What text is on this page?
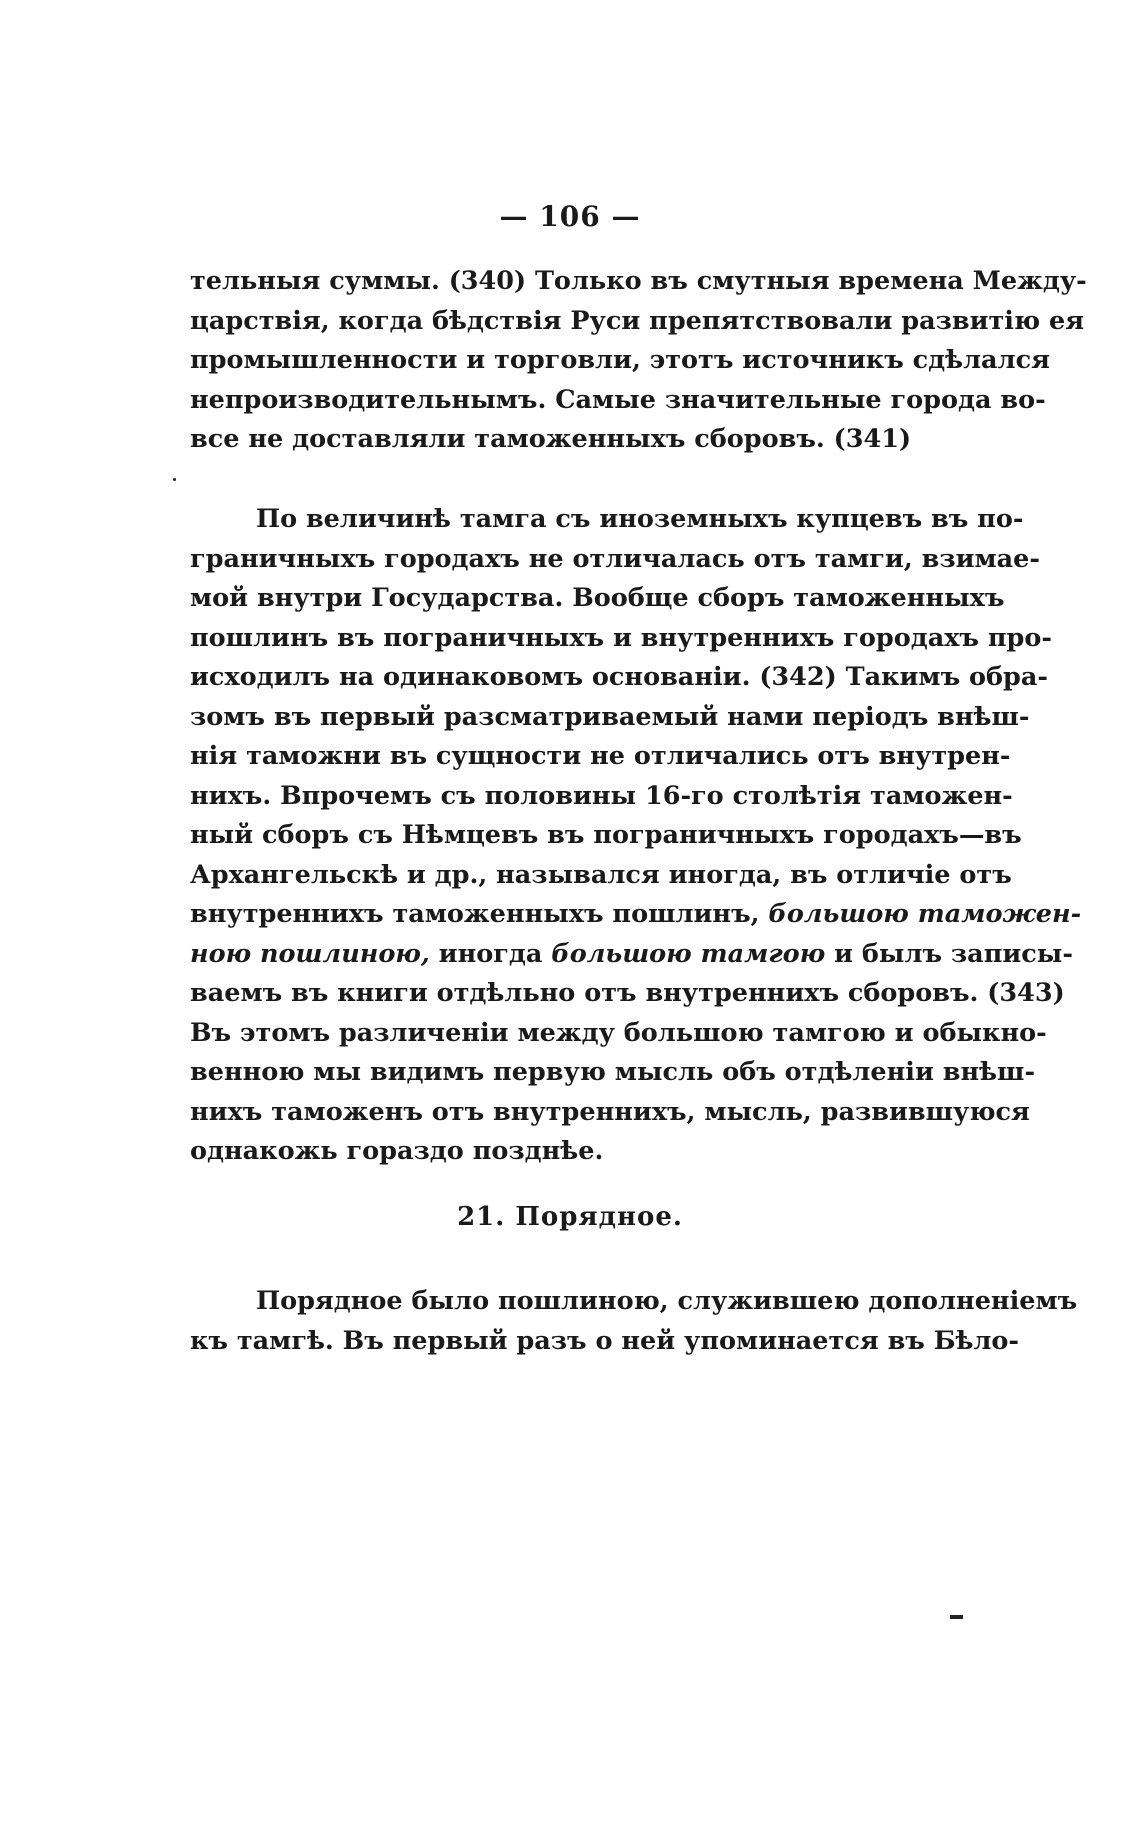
— 106 —
тельныя суммы. (340) Только въ смутныя времена Между-
царствія, когда бѣдствія Руси препятствовали развитію ея
промышленности и торговли, этотъ источникъ сдѣлался
непроизводительнымъ. Самые значительные города во-
все не доставляли таможенныхъ сборовъ. (341)
По величинѣ тамга съ иноземныхъ купцевъ въ по-
граничныхъ городахъ не отличалась отъ тамги, взимае-
мой внутри Государства. Вообще сборъ таможенныхъ
пошлинъ въ пограничныхъ и внутреннихъ городахъ про-
исходилъ на одинаковомъ основаніи. (342) Такимъ обра-
зомъ въ первый разсматриваемый нами періодъ внѣш-
нія таможни въ сущности не отличались отъ внутрен-
нихъ. Впрочемъ съ половины 16-го столѣтія таможен-
ный сборъ съ Нѣмцевъ въ пограничныхъ городахъ—въ
Архангельскѣ и др., назывался иногда, въ отличіе отъ
внутреннихъ таможенныхъ пошлинъ, большою таможен-
ною пошлиною, иногда большою тамгою и былъ записы-
ваемъ въ книги отдѣльно отъ внутреннихъ сборовъ. (343)
Въ этомъ различеніи между большою тамгою и обыкно-
венною мы видимъ первую мысль объ отдѣленіи внѣш-
нихъ таможенъ отъ внутреннихъ, мысль, развившуюся
однакожь гораздо позднѣе.
21. Порядное.
Порядное было пошлиною, служившею дополненіемъ
къ тамгѣ. Въ первый разъ о ней упоминается въ Бѣло-
